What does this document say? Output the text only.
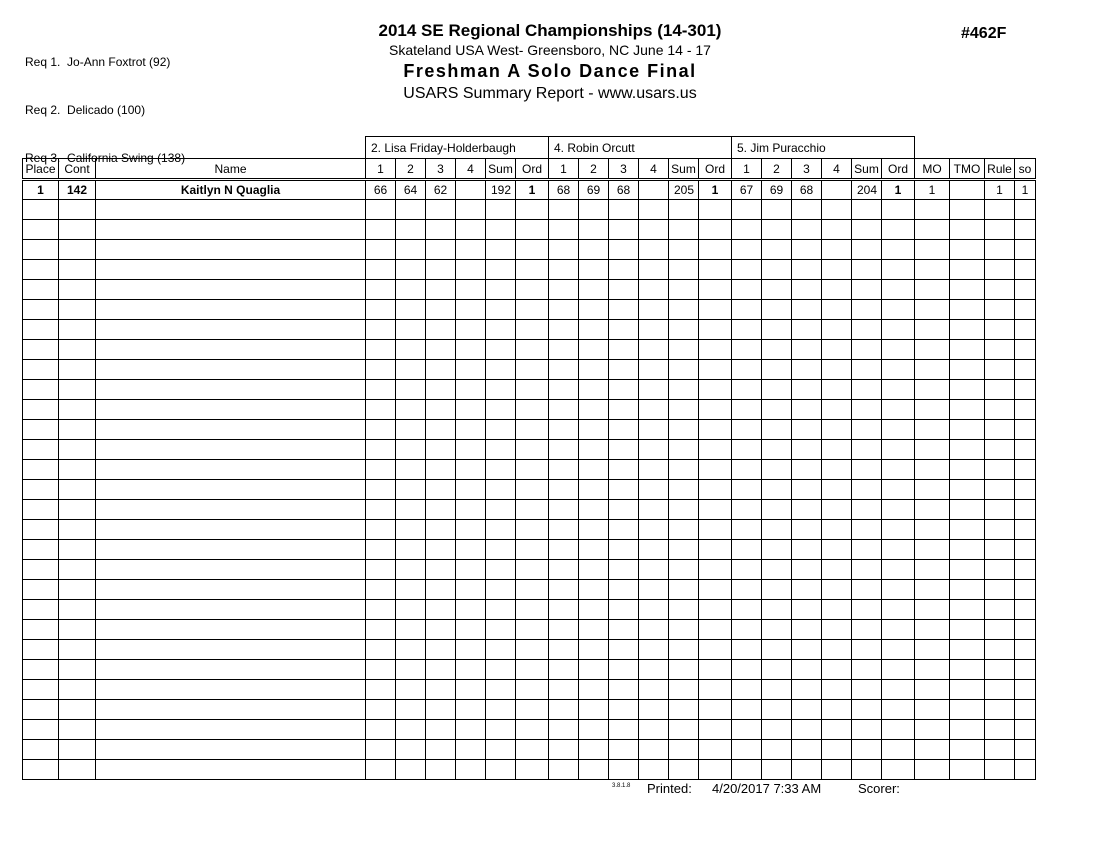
Req 1.  Jo-Ann Foxtrot (92)

Req 2.  Delicado (100)

Req 3.  California Swing (138)

2014 SE Regional Championships (14-301)
Skateland USA West- Greensboro, NC June 14 - 17
Freshman A Solo Dance Final
USARS Summary Report - www.usars.us
#462F
			2. Lisa Friday-Holderbaugh						4. Robin Orcutt						5. Jim Puracchio									
Place	Cont	Name	1	2	3	4	Sum	Ord	1	2	3	4	Sum	Ord	1	2	3	4	Sum	Ord	MO	TMO	Rule	so
1	142	Kaitlyn N Quaglia	66	64	62		192	1	68	69	68		205	1	67	69	68		204	1	1		1	1

3.8.1.8 Printed: 4/20/2017 7:33 AM	Scorer:
